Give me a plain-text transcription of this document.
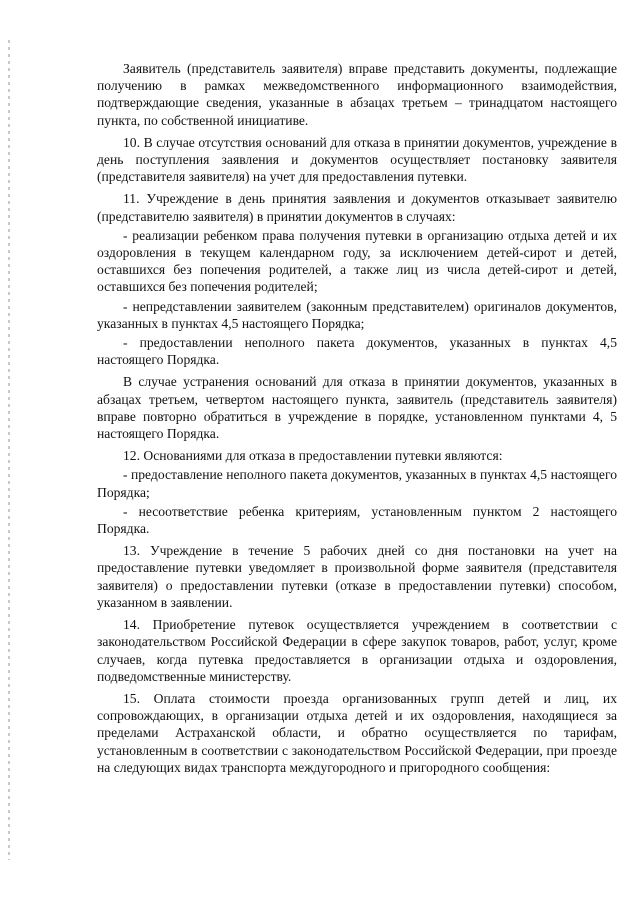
Заявитель (представитель заявителя) вправе представить документы, подлежащие получению в рамках межведомственного информационного взаимодействия, подтверждающие сведения, указанные в абзацах третьем – тринадцатом настоящего пункта, по собственной инициативе.

10. В случае отсутствия оснований для отказа в принятии документов, учреждение в день поступления заявления и документов осуществляет постановку заявителя (представителя заявителя) на учет для предоставления путевки.

11. Учреждение в день принятия заявления и документов отказывает заявителю (представителю заявителя) в принятии документов в случаях:

- реализации ребенком права получения путевки в организацию отдыха детей и их оздоровления в текущем календарном году, за исключением детей-сирот и детей, оставшихся без попечения родителей, а также лиц из числа детей-сирот и детей, оставшихся без попечения родителей;

- непредставлении заявителем (законным представителем) оригиналов документов, указанных в пунктах 4,5 настоящего Порядка;

- предоставлении неполного пакета документов, указанных в пунктах 4,5 настоящего Порядка.

В случае устранения оснований для отказа в принятии документов, указанных в абзацах третьем, четвертом настоящего пункта, заявитель (представитель заявителя) вправе повторно обратиться в учреждение в порядке, установленном пунктами 4, 5 настоящего Порядка.

12. Основаниями для отказа в предоставлении путевки являются:

- предоставление неполного пакета документов, указанных в пунктах 4,5 настоящего Порядка;

- несоответствие ребенка критериям, установленным пунктом 2 настоящего Порядка.

13. Учреждение в течение 5 рабочих дней со дня постановки на учет на предоставление путевки уведомляет в произвольной форме заявителя (представителя заявителя) о предоставлении путевки (отказе в предоставлении путевки) способом, указанном в заявлении.

14. Приобретение путевок осуществляется учреждением в соответствии с законодательством Российской Федерации в сфере закупок товаров, работ, услуг, кроме случаев, когда путевка предоставляется в организации отдыха и оздоровления, подведомственные министерству.

15. Оплата стоимости проезда организованных групп детей и лиц, их сопровождающих, в организации отдыха детей и их оздоровления, находящиеся за пределами Астраханской области, и обратно осуществляется по тарифам, установленным в соответствии с законодательством Российской Федерации, при проезде на следующих видах транспорта междугородного и пригородного сообщения:
